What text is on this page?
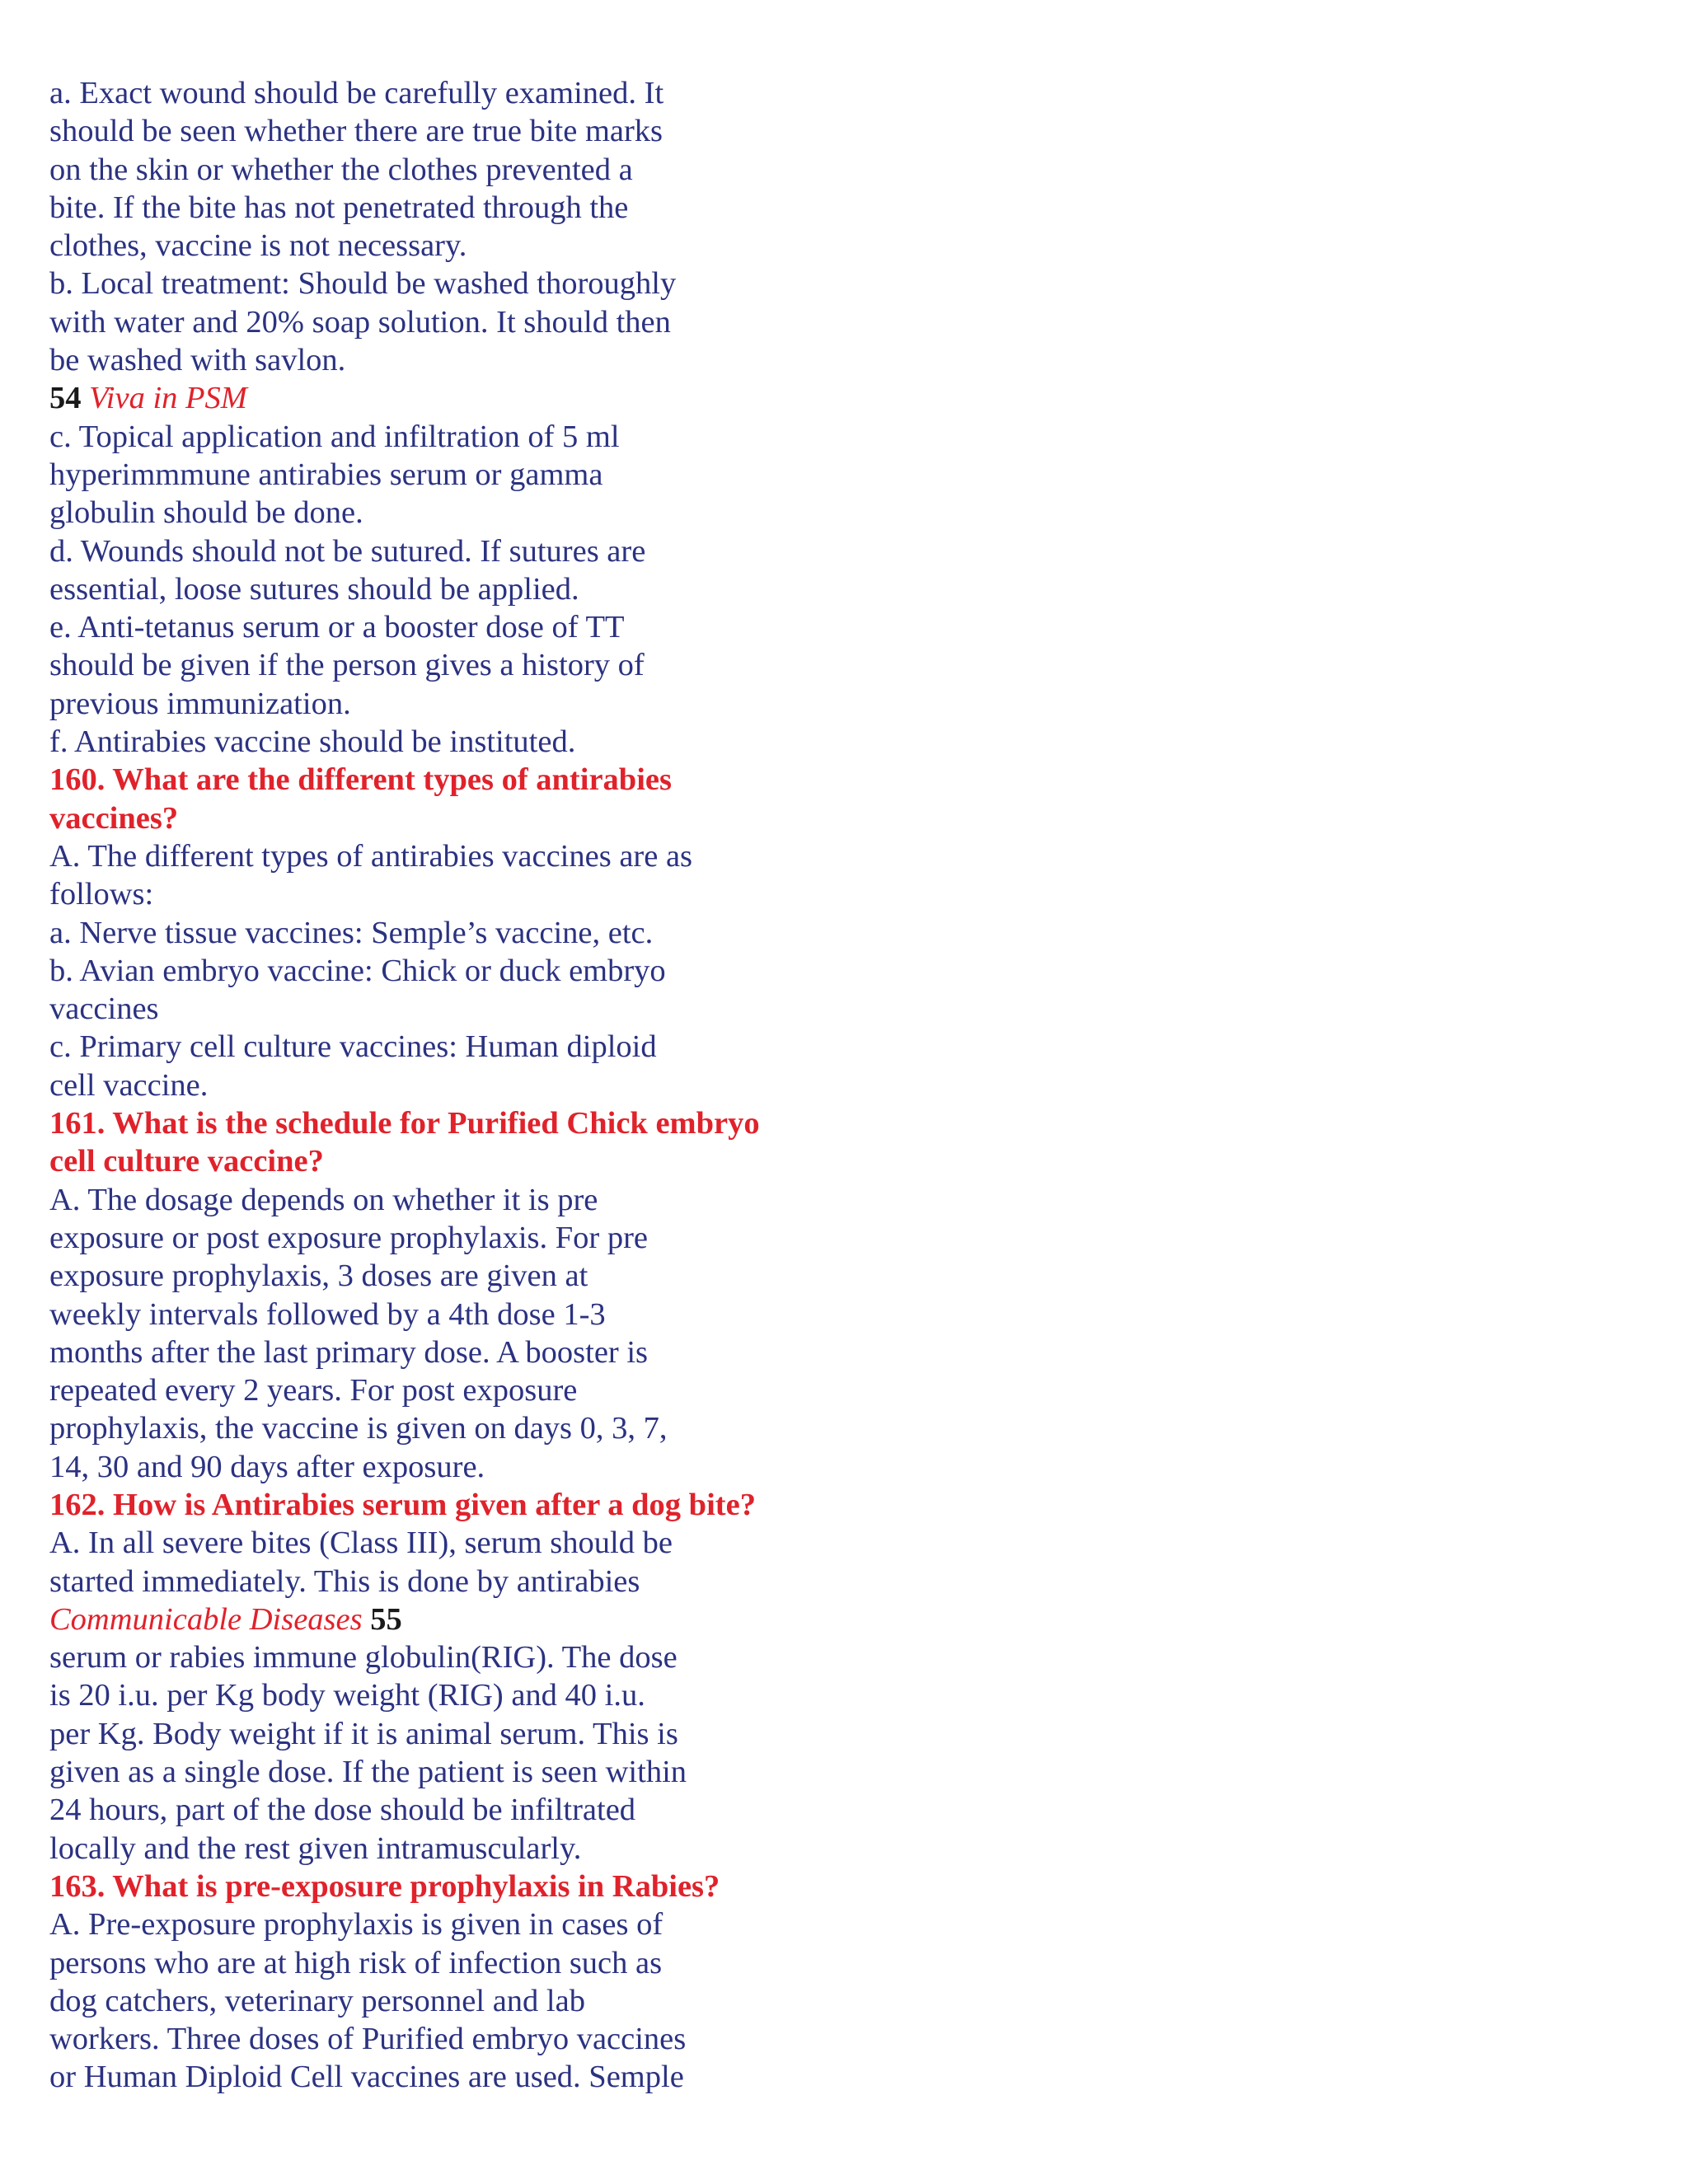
a. Exact wound should be carefully examined. It
should be seen whether there are true bite marks
on the skin or whether the clothes prevented a
bite. If the bite has not penetrated through the
clothes, vaccine is not necessary.
b. Local treatment: Should be washed thoroughly
with water and 20% soap solution. It should then
be washed with savlon.
54 Viva in PSM
c. Topical application and infiltration of 5 ml
hyperimmmune antirabies serum or gamma
globulin should be done.
d. Wounds should not be sutured. If sutures are
essential, loose sutures should be applied.
e. Anti-tetanus serum or a booster dose of TT
should be given if the person gives a history of
previous immunization.
f. Antirabies vaccine should be instituted.
160. What are the different types of antirabies
vaccines?
A. The different types of antirabies vaccines are as
follows:
a. Nerve tissue vaccines: Semple’s vaccine, etc.
b. Avian embryo vaccine: Chick or duck embryo
vaccines
c. Primary cell culture vaccines: Human diploid
cell vaccine.
161. What is the schedule for Purified Chick embryo
cell culture vaccine?
A. The dosage depends on whether it is pre
exposure or post exposure prophylaxis. For pre
exposure prophylaxis, 3 doses are given at
weekly intervals followed by a 4th dose 1-3
months after the last primary dose. A booster is
repeated every 2 years. For post exposure
prophylaxis, the vaccine is given on days 0, 3, 7,
14, 30 and 90 days after exposure.
162. How is Antirabies serum given after a dog bite?
A. In all severe bites (Class III), serum should be
started immediately. This is done by antirabies
Communicable Diseases 55
serum or rabies immune globulin(RIG). The dose
is 20 i.u. per Kg body weight (RIG) and 40 i.u.
per Kg. Body weight if it is animal serum. This is
given as a single dose. If the patient is seen within
24 hours, part of the dose should be infiltrated
locally and the rest given intramuscularly.
163. What is pre-exposure prophylaxis in Rabies?
A. Pre-exposure prophylaxis is given in cases of
persons who are at high risk of infection such as
dog catchers, veterinary personnel and lab
workers. Three doses of Purified embryo vaccines
or Human Diploid Cell vaccines are used. Semple
